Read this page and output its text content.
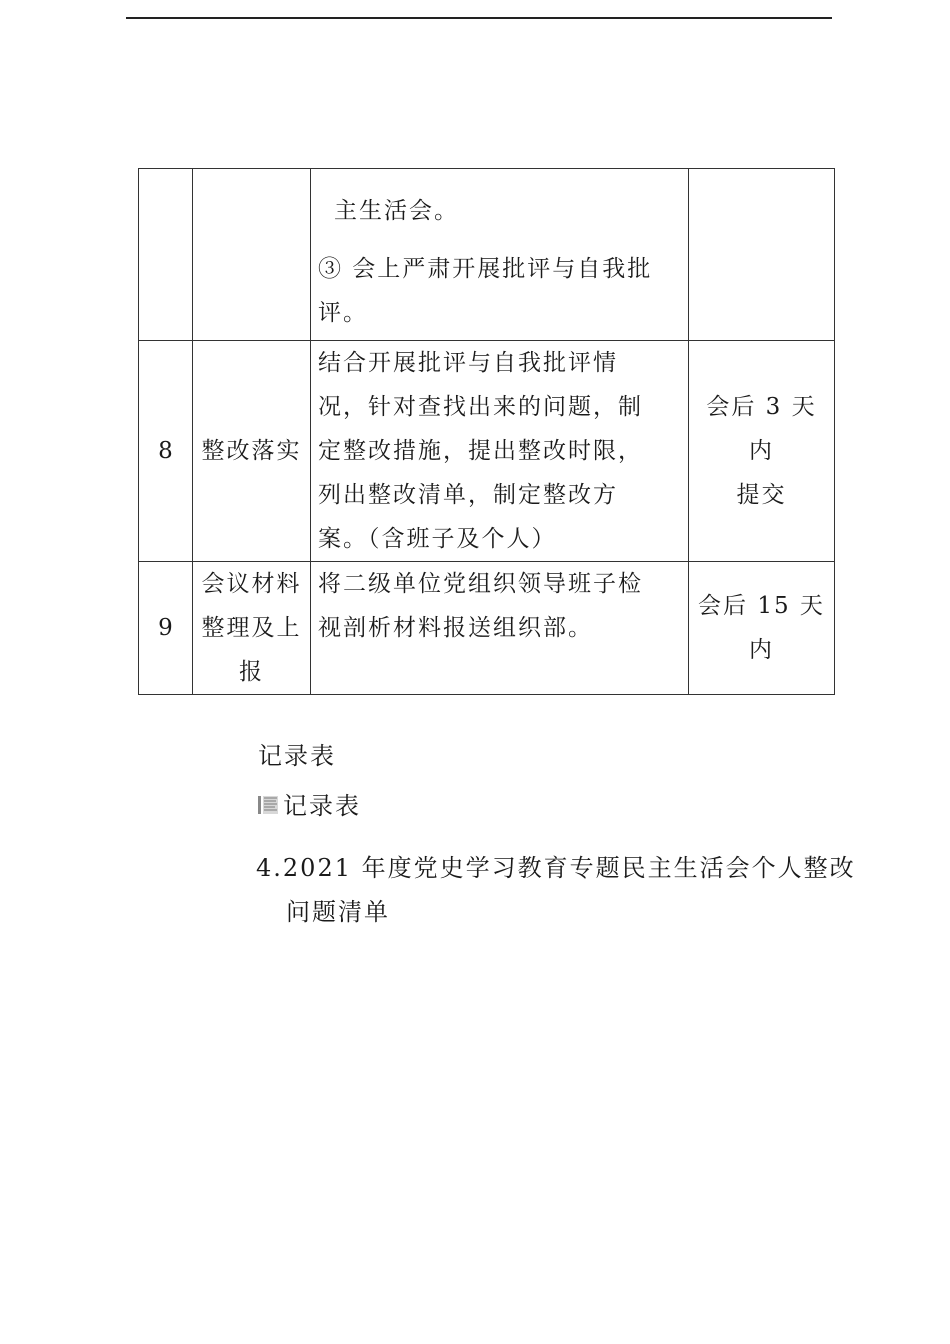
		主生活会。
③ 会上严肃开展批评与自我批
评。	

8	整改落实	结合开展批评与自我批评情
况，针对查找出来的问题，制
定整改措施，提出整改时限，
列出整改清单，制定整改方
案。（含班子及个人）	会后 3 天内
提交

9	会议材料
整理及上
报	将二级单位党组织领导班子检
视剖析材料报送组织部。	会后 15 天
内
记录表
记录表
4.2021 年度党史学习教育专题民主生活会个人整改
问题清单
